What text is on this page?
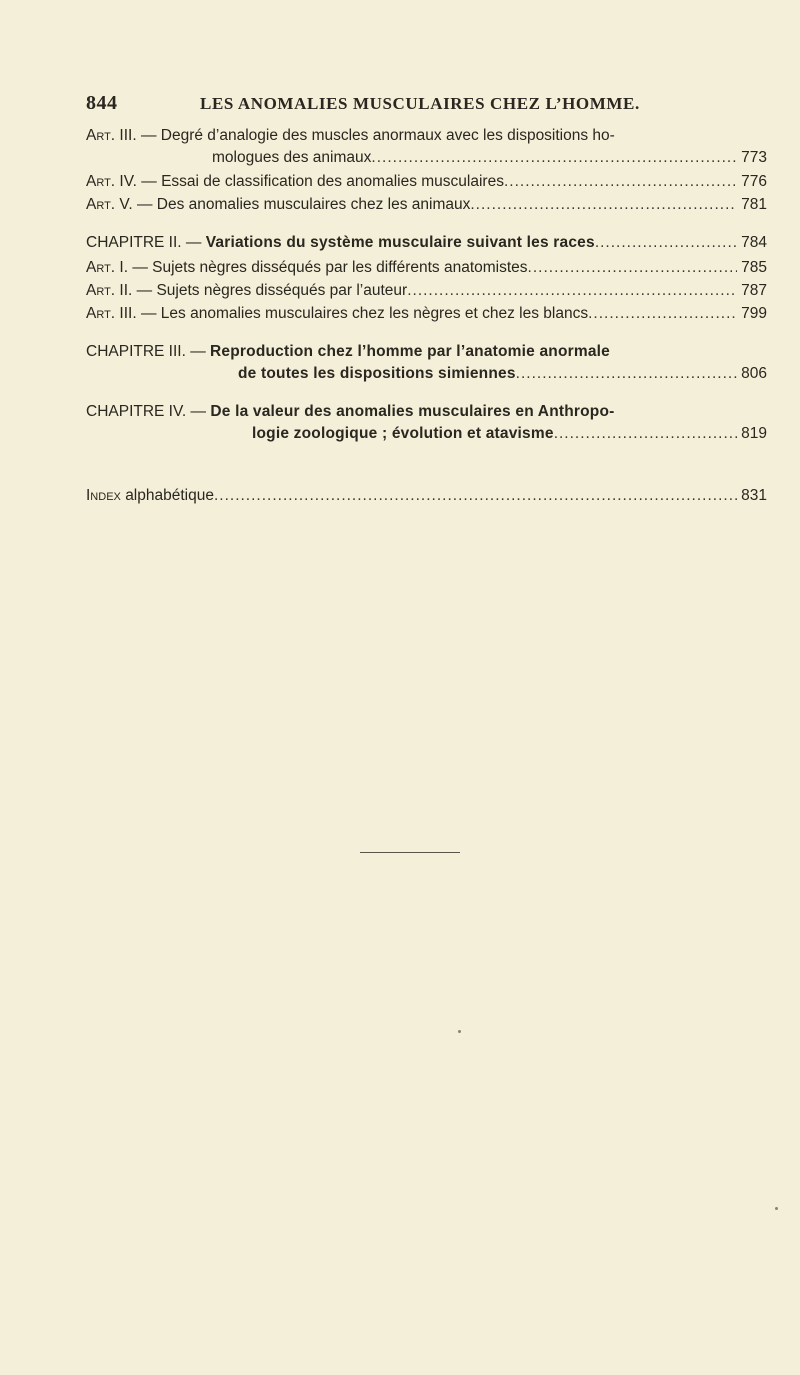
844	LES ANOMALIES MUSCULAIRES CHEZ L’HOMME.
Art. III. — Degré d’analogie des muscles anormaux avec les dispositions ho-
mologues des animaux .....	773
Art. IV. — Essai de classification des anomalies musculaires .....	776
Art. V. — Des anomalies musculaires chez les animaux .....	781
CHAPITRE II. — Variations du système musculaire suivant les races .....	784
Art. I. — Sujets nègres disséqués par les différents anatomistes .....	785
Art. II. — Sujets nègres disséqués par l’auteur .....	787
Art. III. — Les anomalies musculaires chez les nègres et chez les blancs .....	799
CHAPITRE III. — Reproduction chez l’homme par l’anatomie anormale
de toutes les dispositions simiennes .....	806
CHAPITRE IV. — De la valeur des anomalies musculaires en Anthropo-
logie zoologique ; évolution et atavisme .....	819
Index alphabétique .....	831
